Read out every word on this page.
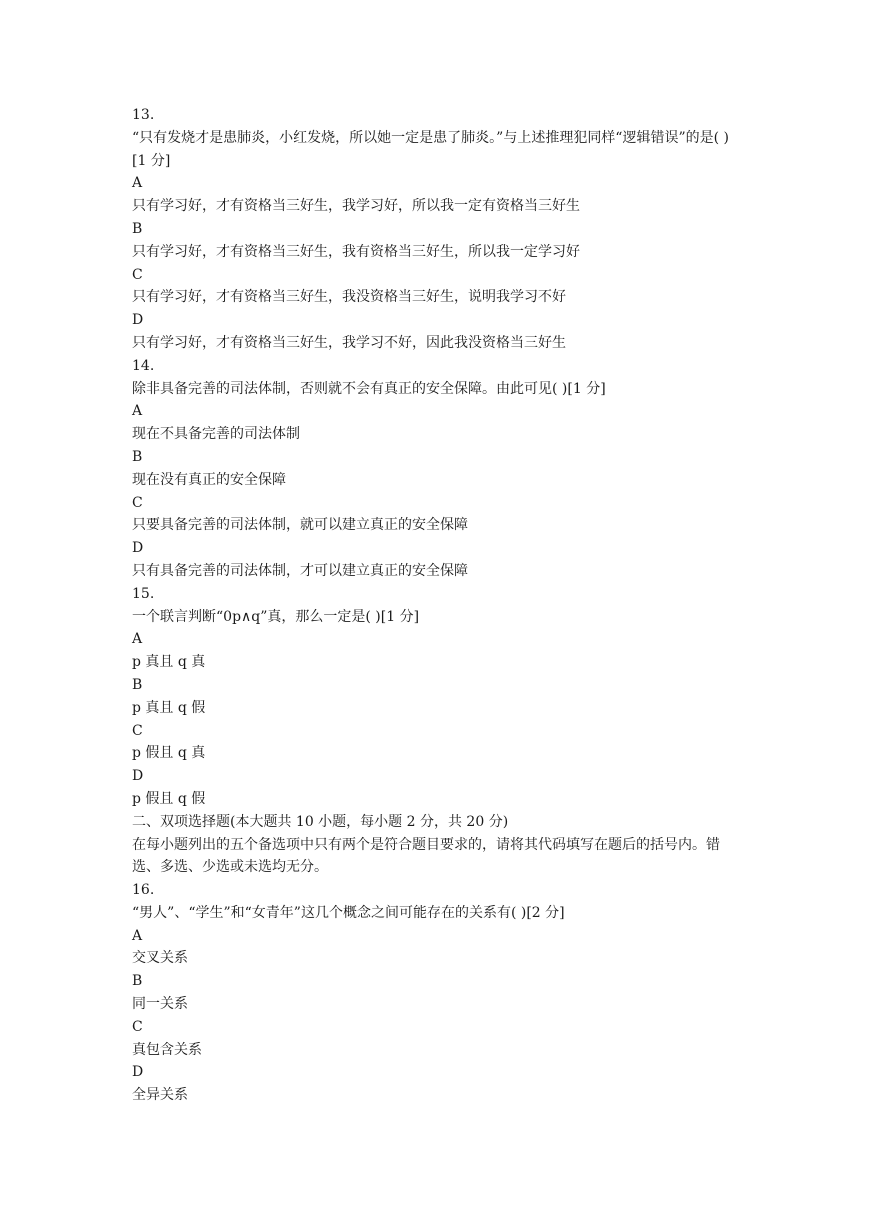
13.

“只有发烧才是患肺炎，小红发烧，所以她一定是患了肺炎。”与上述推理犯同样“逻辑错误”的是( )[1 分]

A

只有学习好，才有资格当三好生，我学习好，所以我一定有资格当三好生

B

只有学习好，才有资格当三好生，我有资格当三好生，所以我一定学习好

C

只有学习好，才有资格当三好生，我没资格当三好生，说明我学习不好

D

只有学习好，才有资格当三好生，我学习不好，因此我没资格当三好生

14.

除非具备完善的司法体制，否则就不会有真正的安全保障。由此可见( )[1 分]

A

现在不具备完善的司法体制

B

现在没有真正的安全保障

C

只要具备完善的司法体制，就可以建立真正的安全保障

D

只有具备完善的司法体制，才可以建立真正的安全保障

15.

一个联言判断“0p∧q”真，那么一定是( )[1 分]

A

p 真且 q 真

B

p 真且 q 假

C

p 假且 q 真

D

p 假且 q 假

二、双项选择题(本大题共 10 小题，每小题 2 分，共 20 分)

在每小题列出的五个备选项中只有两个是符合题目要求的，请将其代码填写在题后的括号内。错选、多选、少选或未选均无分。

16.

“男人”、“学生”和“女青年”这几个概念之间可能存在的关系有( )[2 分]

A

交叉关系

B

同一关系

C

真包含关系

D

全异关系
